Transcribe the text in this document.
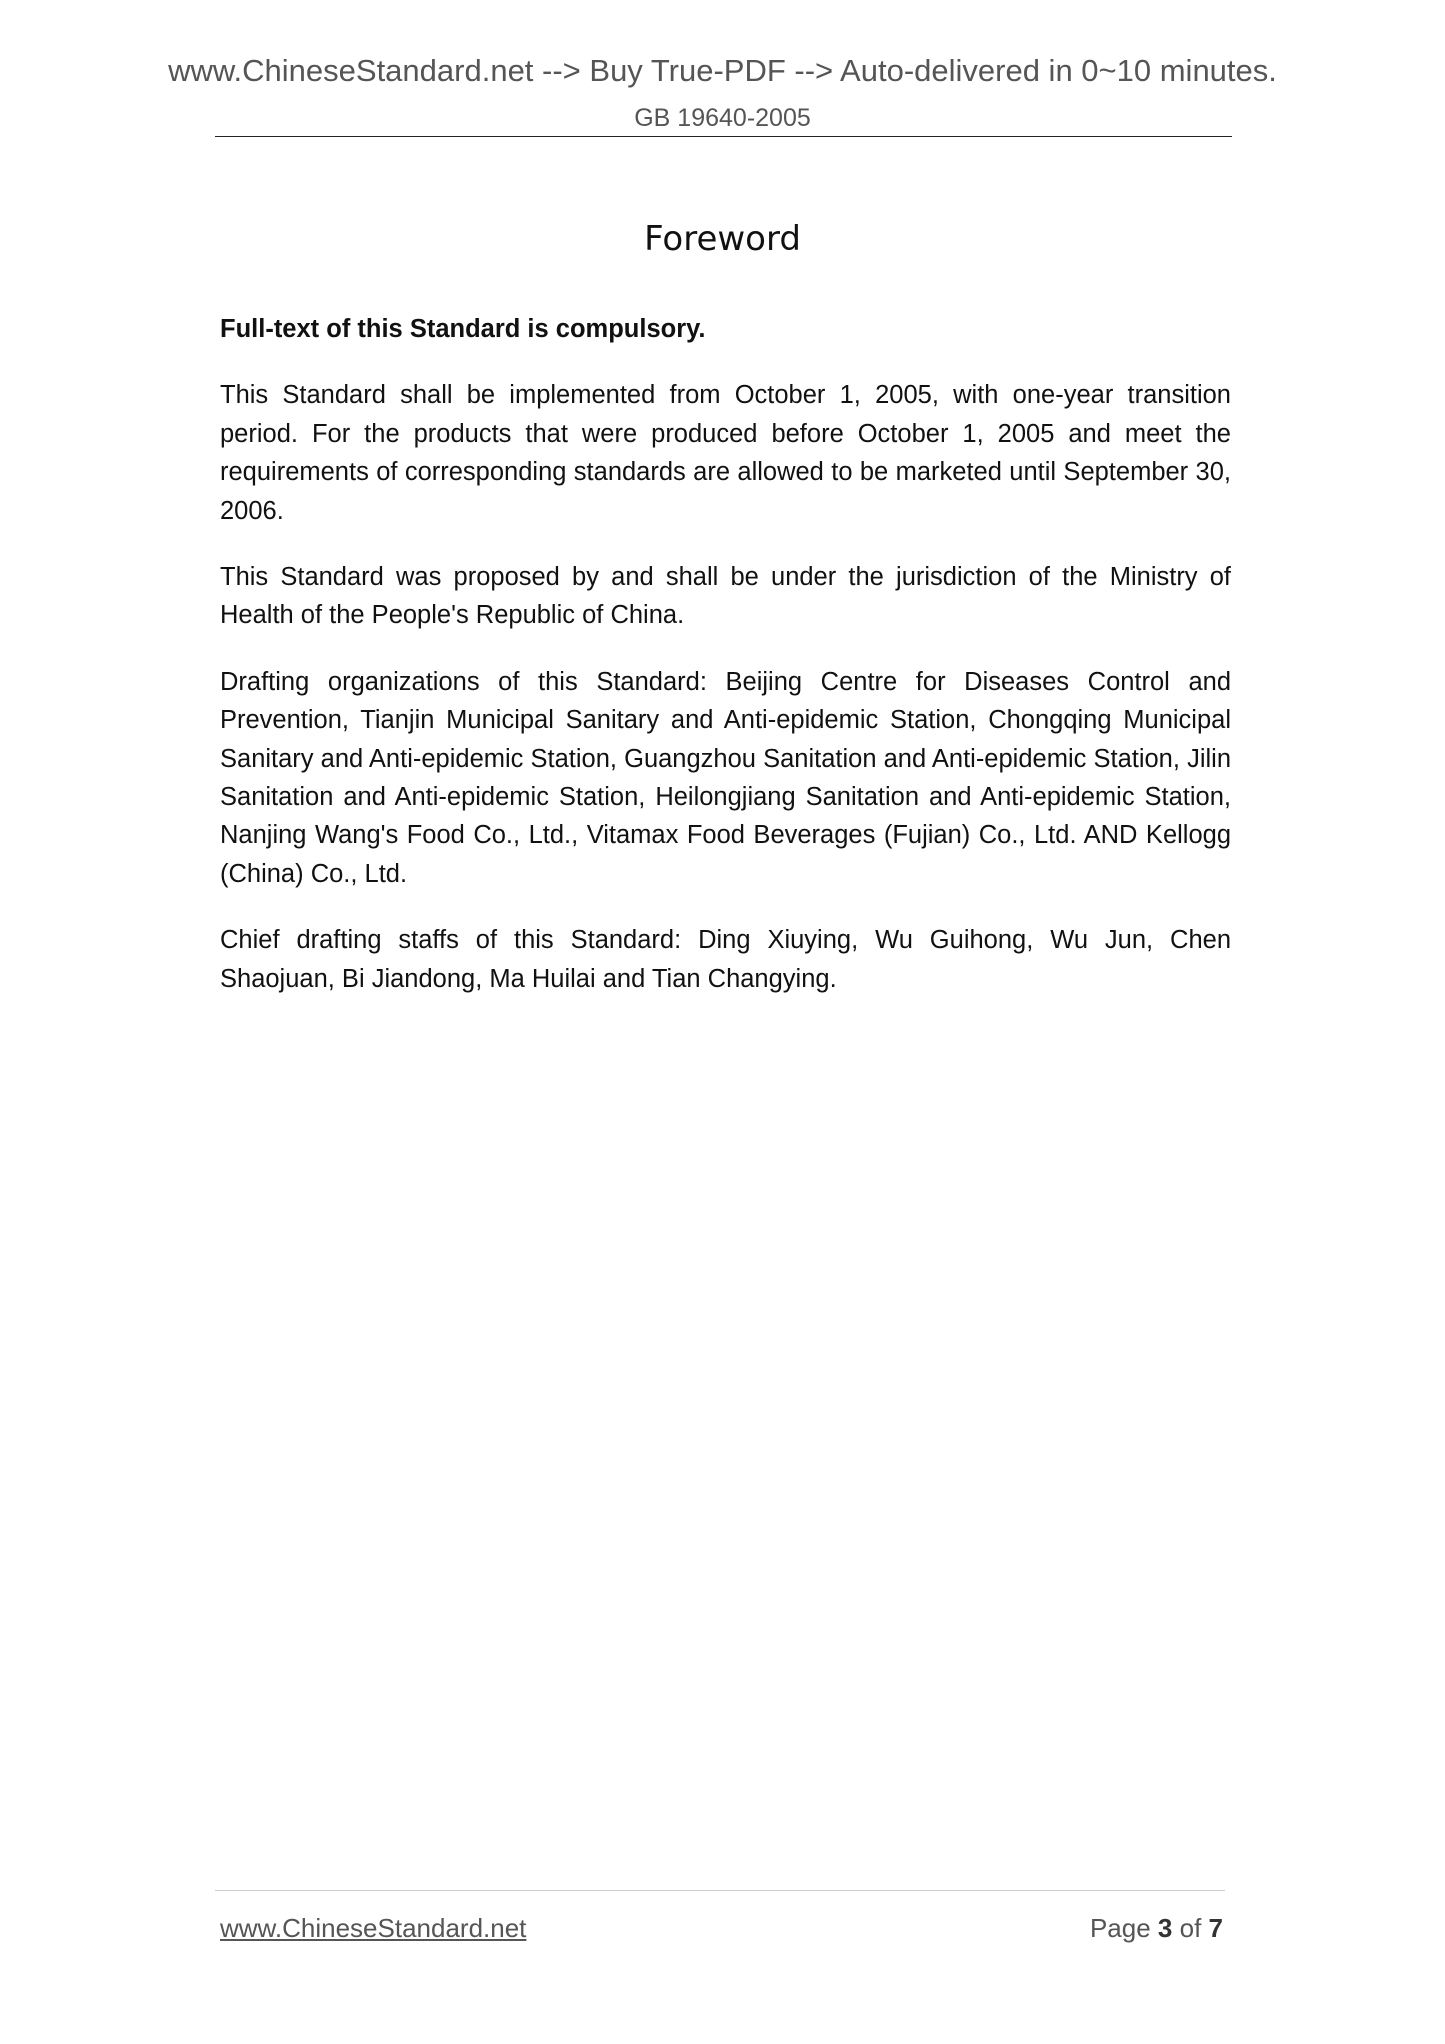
www.ChineseStandard.net --> Buy True-PDF --> Auto-delivered in 0~10 minutes.
GB 19640-2005
Foreword

Full-text of this Standard is compulsory.

This Standard shall be implemented from October 1, 2005, with one-year transition period. For the products that were produced before October 1, 2005 and meet the requirements of corresponding standards are allowed to be marketed until September 30, 2006.

This Standard was proposed by and shall be under the jurisdiction of the Ministry of Health of the People's Republic of China.

Drafting organizations of this Standard: Beijing Centre for Diseases Control and Prevention, Tianjin Municipal Sanitary and Anti-epidemic Station, Chongqing Municipal Sanitary and Anti-epidemic Station, Guangzhou Sanitation and Anti-epidemic Station, Jilin Sanitation and Anti-epidemic Station, Heilongjiang Sanitation and Anti-epidemic Station, Nanjing Wang's Food Co., Ltd., Vitamax Food Beverages (Fujian) Co., Ltd. AND Kellogg (China) Co., Ltd.

Chief drafting staffs of this Standard: Ding Xiuying, Wu Guihong, Wu Jun, Chen Shaojuan, Bi Jiandong, Ma Huilai and Tian Changying.

www.ChineseStandard.net	Page 3 of 7
